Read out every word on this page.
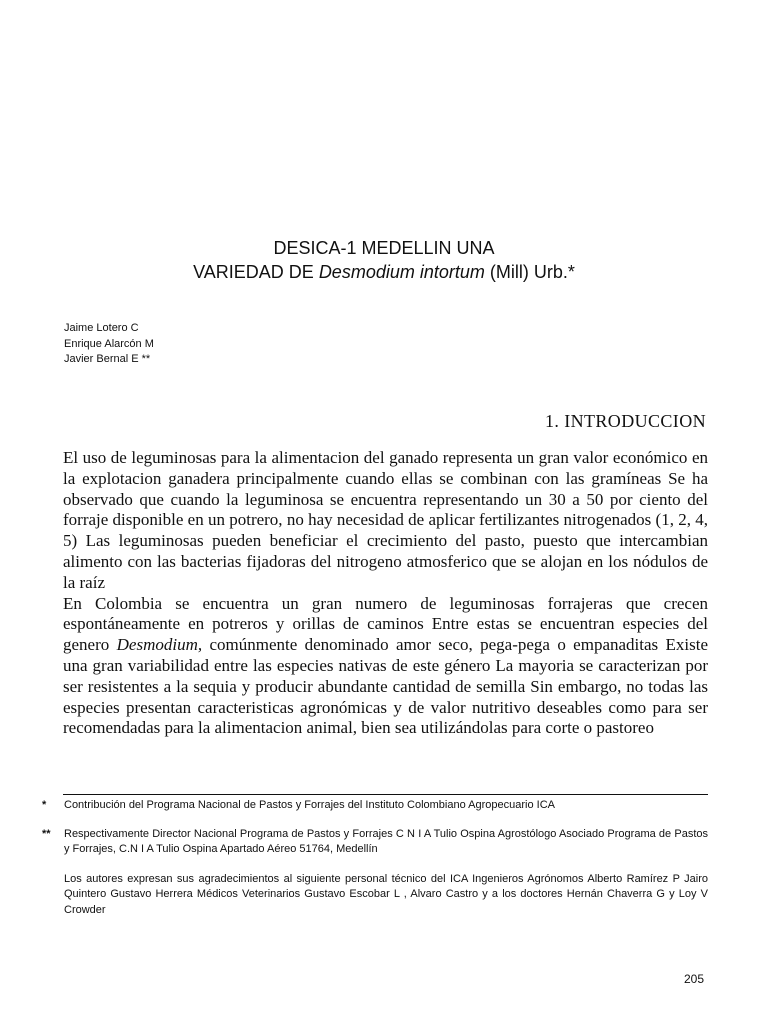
DESICA-1 MEDELLIN UNA
VARIEDAD DE Desmodium intortum (Mill) Urb.*
Jaime Lotero C
Enrique Alarcón M
Javier Bernal E **
1. INTRODUCCION

El uso de leguminosas para la alimentacion del ganado representa un gran valor económico en la explotacion ganadera principalmente cuando ellas se combinan con las gramíneas Se ha observado que cuando la leguminosa se encuentra representando un 30 a 50 por ciento del forraje disponible en un potrero, no hay necesidad de aplicar fertilizantes nitrogenados (1, 2, 4, 5) Las leguminosas pueden beneficiar el crecimiento del pasto, puesto que intercambian alimento con las bacterias fijadoras del nitrogeno atmosferico que se alojan en los nódulos de la raíz

En Colombia se encuentra un gran numero de leguminosas forrajeras que crecen espontáneamente en potreros y orillas de caminos Entre estas se encuentran especies del genero Desmodium, comúnmente denominado amor seco, pega-pega o empanaditas Existe una gran variabilidad entre las especies nativas de este género La mayoria se caracterizan por ser resistentes a la sequia y producir abundante cantidad de semilla Sin embargo, no todas las especies presentan caracteristicas agronómicas y de valor nutritivo deseables como para ser recomendadas para la alimentacion animal, bien sea utilizándolas para corte o pastoreo

* Contribución del Programa Nacional de Pastos y Forrajes del Instituto Colombiano Agropecuario ICA
** Respectivamente Director Nacional Programa de Pastos y Forrajes C N I A Tulio Ospina Agrostólogo Asociado Programa de Pastos y Forrajes, C.N I A Tulio Ospina Apartado Aéreo 51764, Medellín
Los autores expresan sus agradecimientos al siguiente personal técnico del ICA Ingenieros Agrónomos Alberto Ramírez P Jairo Quintero Gustavo Herrera Médicos Veterinarios Gustavo Escobar L , Alvaro Castro y a los doctores Hernán Chaverra G y Loy V Crowder
205
